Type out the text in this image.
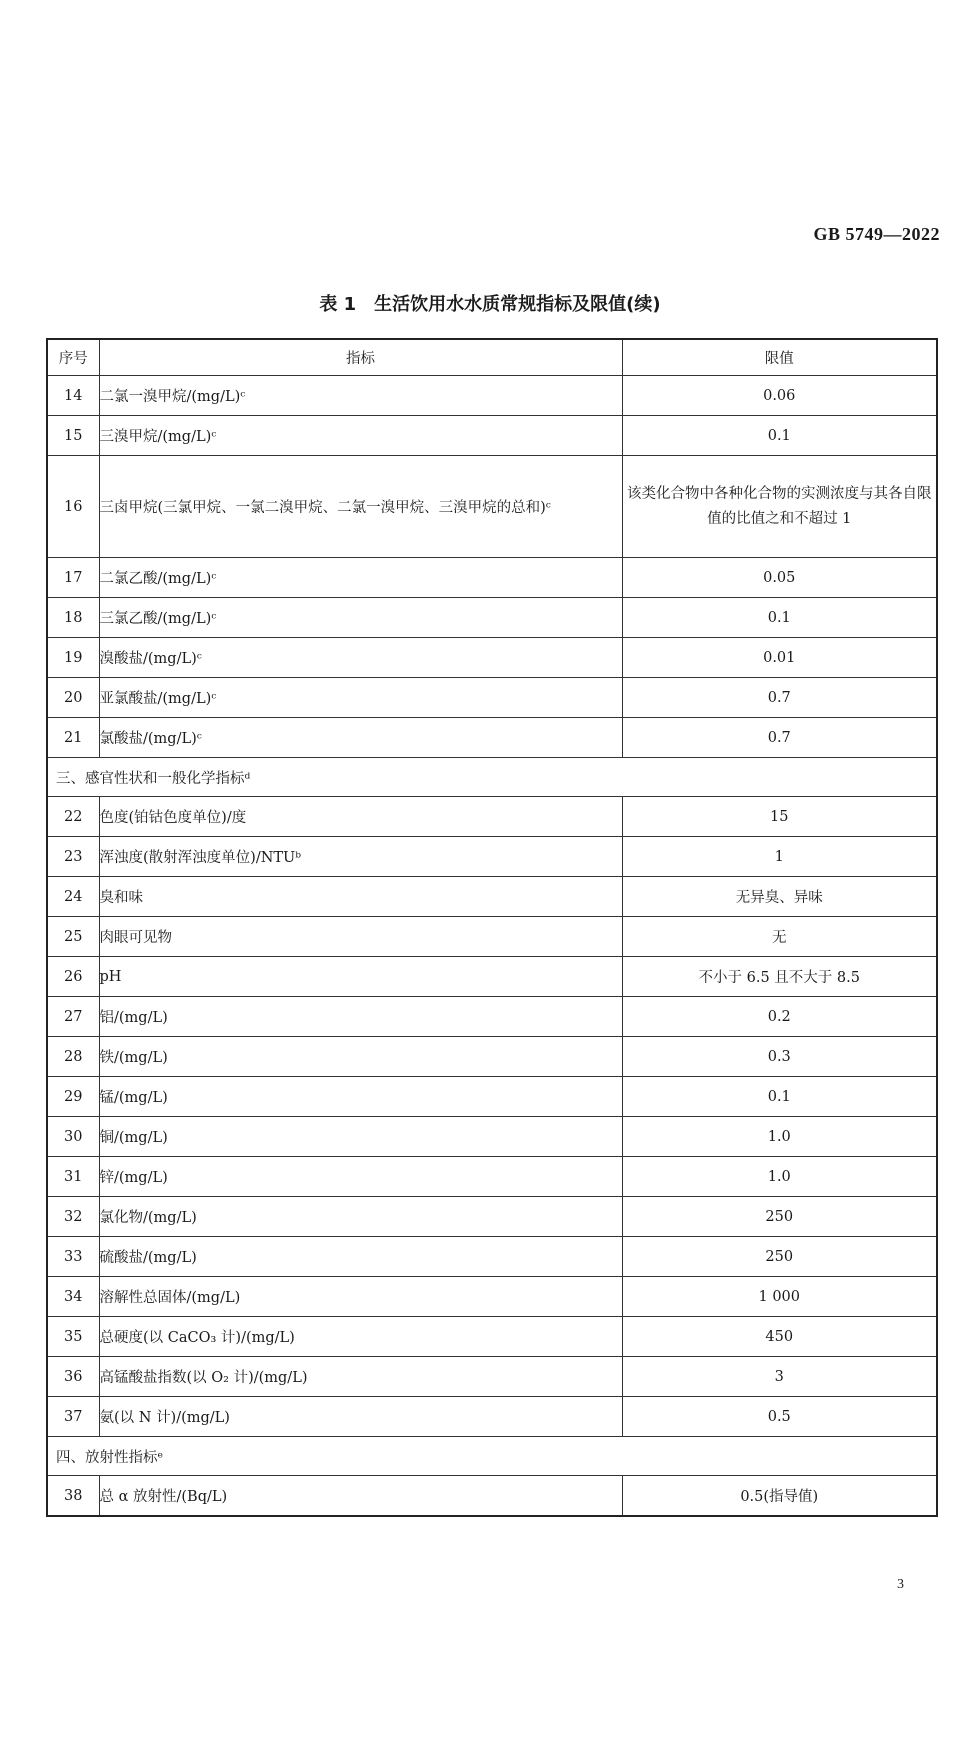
GB 5749—2022
表 1 生活饮用水水质常规指标及限值(续)
序号	指标	限值
14	二氯一溴甲烷/(mg/L)ᶜ	0.06
15	三溴甲烷/(mg/L)ᶜ	0.1
16	三卤甲烷(三氯甲烷、一氯二溴甲烷、二氯一溴甲烷、三溴甲烷的总和)ᶜ	该类化合物中各种化合物的实测浓度与其各自限值的比值之和不超过 1
17	二氯乙酸/(mg/L)ᶜ	0.05
18	三氯乙酸/(mg/L)ᶜ	0.1
19	溴酸盐/(mg/L)ᶜ	0.01
20	亚氯酸盐/(mg/L)ᶜ	0.7
21	氯酸盐/(mg/L)ᶜ	0.7
三、感官性状和一般化学指标ᵈ		
22	色度(铂钴色度单位)/度	15
23	浑浊度(散射浑浊度单位)/NTUᵇ	1
24	臭和味	无异臭、异味
25	肉眼可见物	无
26	pH	不小于 6.5 且不大于 8.5
27	铝/(mg/L)	0.2
28	铁/(mg/L)	0.3
29	锰/(mg/L)	0.1
30	铜/(mg/L)	1.0
31	锌/(mg/L)	1.0
32	氯化物/(mg/L)	250
33	硫酸盐/(mg/L)	250
34	溶解性总固体/(mg/L)	1 000
35	总硬度(以 CaCO₃ 计)/(mg/L)	450
36	高锰酸盐指数(以 O₂ 计)/(mg/L)	3
37	氨(以 N 计)/(mg/L)	0.5
四、放射性指标ᵉ		
38	总 α 放射性/(Bq/L)	0.5(指导值)
3
